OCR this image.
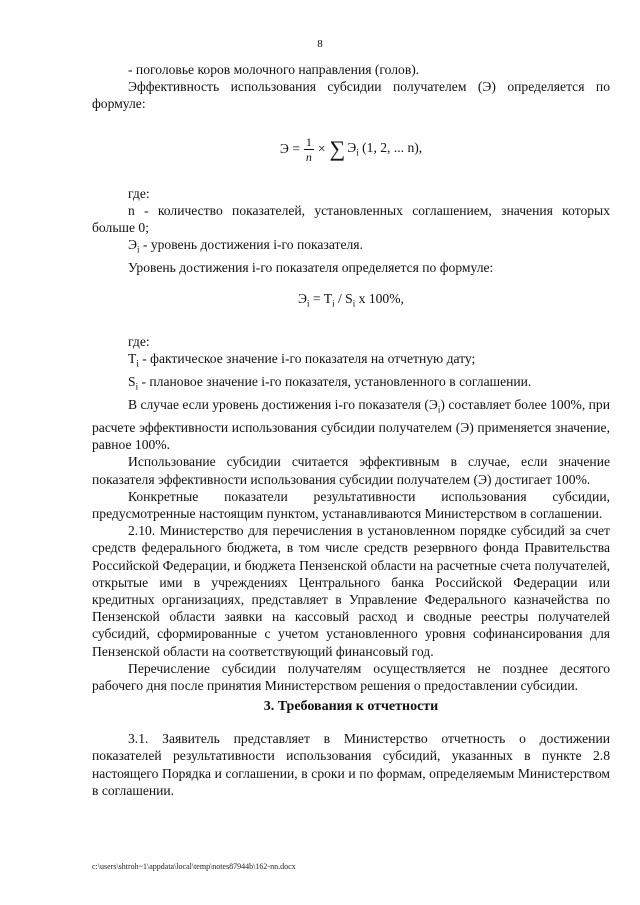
8

- поголовье коров молочного направления (голов).

Эффективность использования субсидии получателем (Э) определяется по формуле:

$Э = \frac{1}{n}$ × ∑ $Э_i$ (1, 2, ... n),

где:

n - количество показателей, установленных соглашением, значения которых больше 0;

$Э_i$ - уровень достижения i-го показателя.

Уровень достижения i-го показателя определяется по формуле:

$Э_i = T_i / S_i$ x 100%,

где:

$T_i$ - фактическое значение i-го показателя на отчетную дату;

$S_i$ - плановое значение i-го показателя, установленного в соглашении.

В случае если уровень достижения i-го показателя $(Э_i)$ составляет более 100%, при расчете эффективности использования субсидии получателем (Э) применяется значение, равное 100%.

Использование субсидии считается эффективным в случае, если значение показателя эффективности использования субсидии получателем (Э) достигает 100%.

Конкретные показатели результативности использования субсидии, предусмотренные настоящим пунктом, устанавливаются Министерством в соглашении.

2.10. Министерство для перечисления в установленном порядке субсидий за счет средств федерального бюджета, в том числе средств резервного фонда Правительства Российской Федерации, и бюджета Пензенской области на расчетные счета получателей, открытые ими в учреждениях Центрального банка Российской Федерации или кредитных организациях, представляет в Управление Федерального казначейства по Пензенской области заявки на кассовый расход и сводные реестры получателей субсидий, сформированные с учетом установленного уровня софинансирования для Пензенской области на соответствующий финансовый год.

Перечисление субсидии получателям осуществляется не позднее десятого рабочего дня после принятия Министерством решения о предоставлении субсидии.

3. Требования к отчетности

3.1. Заявитель представляет в Министерство отчетность о достижении показателей результативности использования субсидий, указанных в пункте 2.8 настоящего Порядка и соглашении, в сроки и по формам, определяемым Министерством в соглашении.

c:\users\shtroh~1\appdata\local\temp\notes87944b\162-nn.docx
